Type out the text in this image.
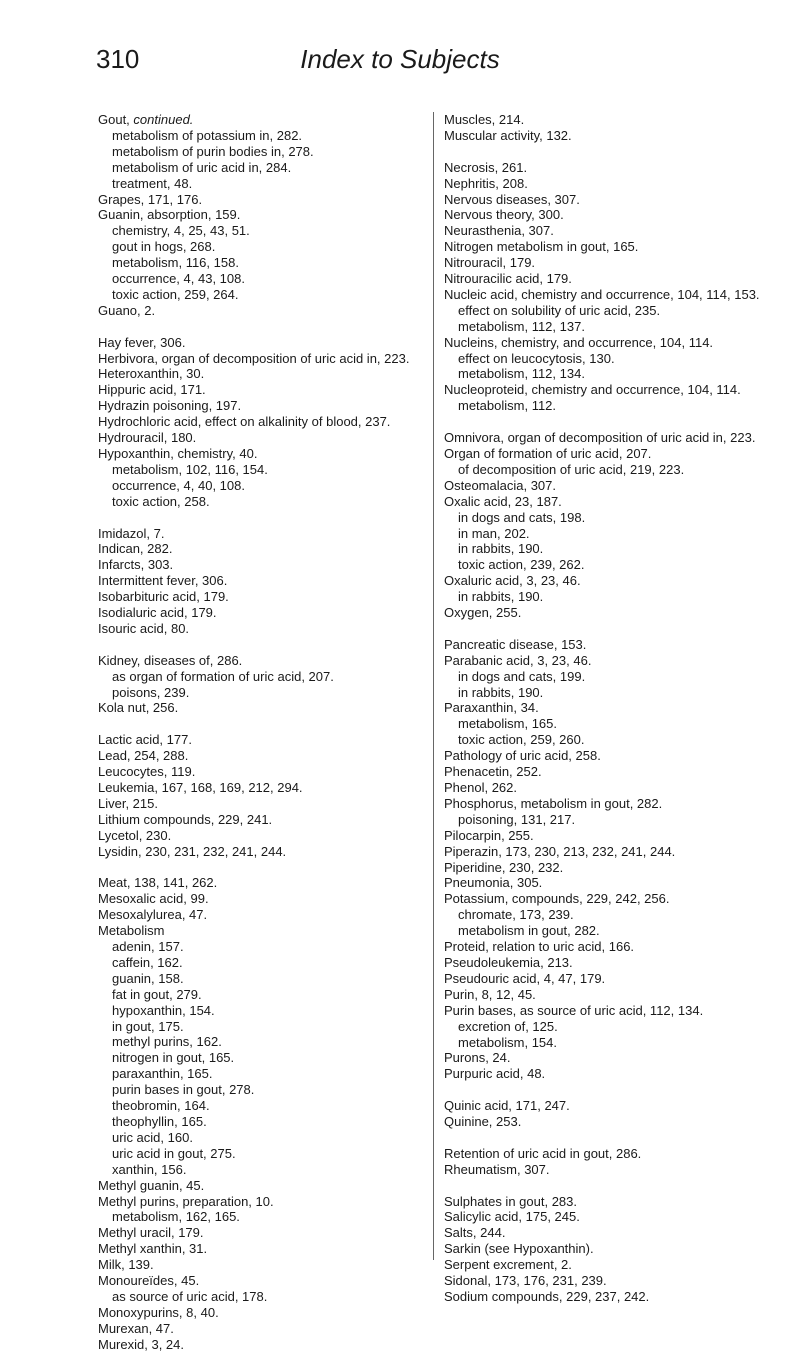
310	Index to Subjects
Gout, continued.
metabolism of potassium in, 282.
metabolism of purin bodies in, 278.
metabolism of uric acid in, 284.
treatment, 48.
Grapes, 171, 176.
Guanin, absorption, 159.
chemistry, 4, 25, 43, 51.
gout in hogs, 268.
metabolism, 116, 158.
occurrence, 4, 43, 108.
toxic action, 259, 264.
Guano, 2.
Hay fever, 306.
Herbivora, organ of decomposition of uric acid in, 223.
Heteroxanthin, 30.
Hippuric acid, 171.
Hydrazin poisoning, 197.
Hydrochloric acid, effect on alkalinity of blood, 237.
Hydrouracil, 180.
Hypoxanthin, chemistry, 40.
metabolism, 102, 116, 154.
occurrence, 4, 40, 108.
toxic action, 258.
Imidazol, 7.
Indican, 282.
Infarcts, 303.
Intermittent fever, 306.
Isobarbituric acid, 179.
Isodialuric acid, 179.
Isouric acid, 80.
Kidney, diseases of, 286.
as organ of formation of uric acid, 207.
poisons, 239.
Kola nut, 256.
Lactic acid, 177.
Lead, 254, 288.
Leucocytes, 119.
Leukemia, 167, 168, 169, 212, 294.
Liver, 215.
Lithium compounds, 229, 241.
Lycetol, 230.
Lysidin, 230, 231, 232, 241, 244.
Meat, 138, 141, 262.
Mesoxalic acid, 99.
Mesoxalylurea, 47.
Metabolism
adenin, 157.
caffein, 162.
guanin, 158.
fat in gout, 279.
hypoxanthin, 154.
in gout, 175.
methyl purins, 162.
nitrogen in gout, 165.
paraxanthin, 165.
purin bases in gout, 278.
theobromin, 164.
theophyllin, 165.
uric acid, 160.
uric acid in gout, 275.
xanthin, 156.
Methyl guanin, 45.
Methyl purins, preparation, 10.
metabolism, 162, 165.
Methyl uracil, 179.
Methyl xanthin, 31.
Milk, 139.
Monoureïdes, 45.
as source of uric acid, 178.
Monoxypurins, 8, 40.
Murexan, 47.
Murexid, 3, 24.
Muscles, 214.
Muscular activity, 132.
Necrosis, 261.
Nephritis, 208.
Nervous diseases, 307.
Nervous theory, 300.
Neurasthenia, 307.
Nitrogen metabolism in gout, 165.
Nitrouracil, 179.
Nitrouracilic acid, 179.
Nucleic acid, chemistry and occurrence, 104, 114, 153.
effect on solubility of uric acid, 235.
metabolism, 112, 137.
Nucleins, chemistry, and occurrence, 104, 114.
effect on leucocytosis, 130.
metabolism, 112, 134.
Nucleoproteid, chemistry and occurrence, 104, 114.
metabolism, 112.
Omnivora, organ of decomposition of uric acid in, 223.
Organ of formation of uric acid, 207.
of decomposition of uric acid, 219, 223.
Osteomalacia, 307.
Oxalic acid, 23, 187.
in dogs and cats, 198.
in man, 202.
in rabbits, 190.
toxic action, 239, 262.
Oxaluric acid, 3, 23, 46.
in rabbits, 190.
Oxygen, 255.
Pancreatic disease, 153.
Parabanic acid, 3, 23, 46.
in dogs and cats, 199.
in rabbits, 190.
Paraxanthin, 34.
metabolism, 165.
toxic action, 259, 260.
Pathology of uric acid, 258.
Phenacetin, 252.
Phenol, 262.
Phosphorus, metabolism in gout, 282.
poisoning, 131, 217.
Pilocarpin, 255.
Piperazin, 173, 230, 213, 232, 241, 244.
Piperidine, 230, 232.
Pneumonia, 305.
Potassium, compounds, 229, 242, 256.
chromate, 173, 239.
metabolism in gout, 282.
Proteid, relation to uric acid, 166.
Pseudoleukemia, 213.
Pseudouric acid, 4, 47, 179.
Purin, 8, 12, 45.
Purin bases, as source of uric acid, 112, 134.
excretion of, 125.
metabolism, 154.
Purons, 24.
Purpuric acid, 48.
Quinic acid, 171, 247.
Quinine, 253.
Retention of uric acid in gout, 286.
Rheumatism, 307.
Sulphates in gout, 283.
Salicylic acid, 175, 245.
Salts, 244.
Sarkin (see Hypoxanthin).
Serpent excrement, 2.
Sidonal, 173, 176, 231, 239.
Sodium compounds, 229, 237, 242.
